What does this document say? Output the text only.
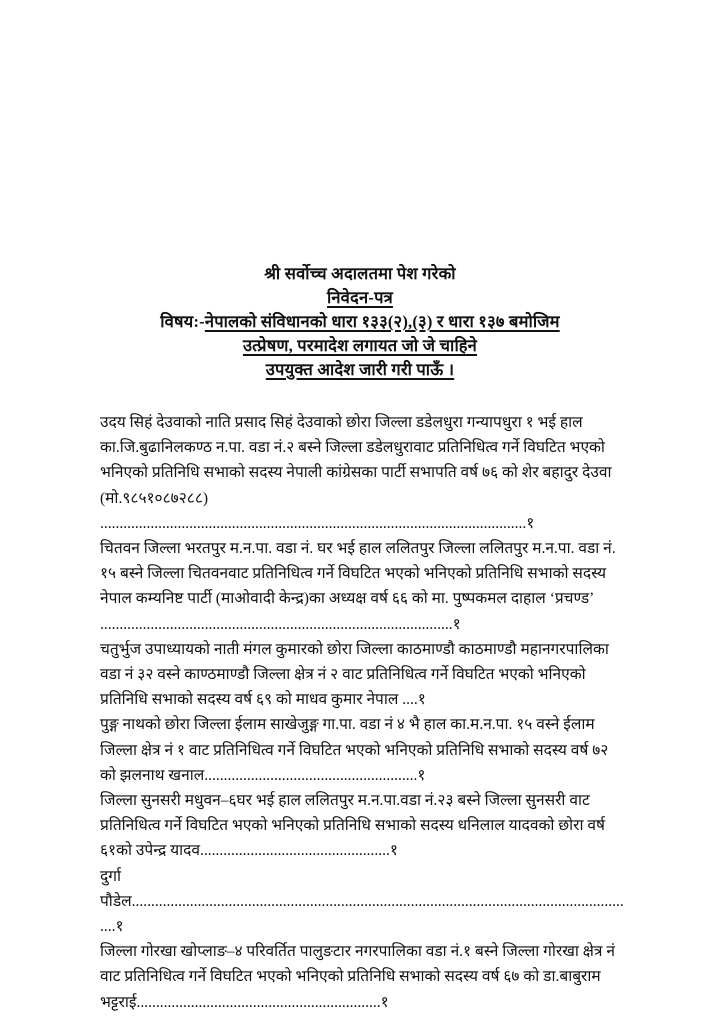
श्री सर्वोच्च अदालतमा पेश गरेको
निवेदन-पत्र
विषय:-नेपालको संविधानको धारा १३३(२),(३) र धारा १३७ बमोजिम
उत्प्रेषण, परमादेश लगायत जो जे चाहिने
उपयुक्त आदेश जारी गरी पाऊँ ।

उदय सिहं देउवाको नाति प्रसाद सिहं देउवाको छोरा जिल्ला डडेलधुरा गन्यापधुरा १ भई हाल का.जि.बुढानिलकण्ठ न.पा. वडा नं.२ बस्ने जिल्ला डडेलधुरावाट प्रतिनिधित्व गर्ने विघटित भएको भनिएको प्रतिनिधि सभाको सदस्य नेपाली कांग्रेसका पार्टी सभापति वर्ष ७६ को शेर बहादुर देउवा (मो.९८५१०८७२८८) ..............................................................................................................१

चितवन जिल्ला भरतपुर म.न.पा. वडा नं. घर भई हाल ललितपुर जिल्ला ललितपुर म.न.पा. वडा नं. १५ बस्ने जिल्ला चितवनवाट प्रतिनिधित्व गर्ने विघटित भएको भनिएको प्रतिनिधि सभाको सदस्य नेपाल कम्यनिष्ट पार्टी (माओवादी केन्द्र)का अध्यक्ष वर्ष ६६ को मा. पुष्पकमल दाहाल ‘प्रचण्ड’ ...........................................................................................१

चतुर्भुज उपाध्यायको नाती मंगल कुमारको छोरा जिल्ला काठमाण्डौ काठमाण्डौ महानगरपालिका वडा नं ३२ वस्ने काण्ठमाण्डौ जिल्ला क्षेत्र नं २ वाट प्रतिनिधित्व गर्ने विघटित भएको भनिएको प्रतिनिधि सभाको सदस्य वर्ष ६९ को माधव कुमार नेपाल ....१

पुङ्ग नाथको छोरा जिल्ला ईलाम साखेजुङ्ग गा.पा. वडा नं ४ भै हाल का.म.न.पा. १५ वस्ने ईलाम जिल्ला क्षेत्र नं १ वाट प्रतिनिधित्व गर्ने विघटित भएको भनिएको प्रतिनिधि सभाको सदस्य वर्ष ७२ को झलनाथ खनाल.......................................................१

जिल्ला सुनसरी मधुवन–६घर भई हाल ललितपुर म.न.पा.वडा नं.२३ बस्ने जिल्ला सुनसरी वाट प्रतिनिधित्व गर्ने विघटित भएको भनिएको प्रतिनिधि सभाको सदस्य धनिलाल यादवको छोरा वर्ष ६१को उपेन्द्र यादव.................................................१

दुर्गा पौडेल...................................................................................................................................१

जिल्ला गोरखा खोप्लाङ–४ परिवर्तित पालुङटार नगरपालिका वडा नं.१ बस्ने जिल्ला गोरखा क्षेत्र नं वाट प्रतिनिधित्व गर्ने विघटित भएको भनिएको प्रतिनिधि सभाको सदस्य वर्ष ६७ को डा.बाबुराम भट्टराई...............................................................१
